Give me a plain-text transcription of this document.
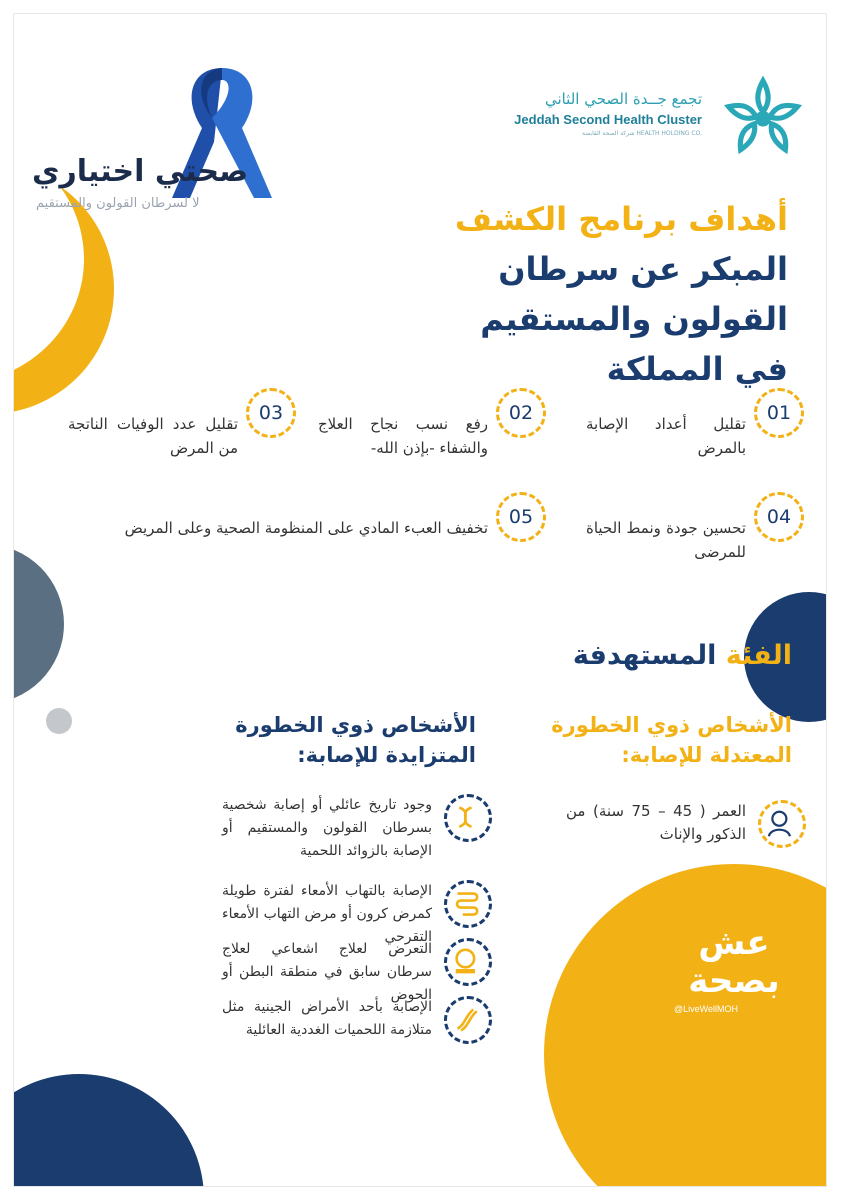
تجمع جــدة الصحي الثاني
Jeddah Second Health Cluster
شركة الصحة القابضة HEALTH HOLDING CO.
صحتي اختياري
لا لسرطان القولون والمستقيم	أهداف برنامج الكشف
المبكر عن سرطان
القولون والمستقيم
في المملكة
01
تقليل أعداد الإصابة بالمرض
02
رفع نسب نجاح العلاج والشفاء -بإذن الله-
03
تقليل عدد الوفيات الناتجة من المرض
04
تحسين جودة ونمط الحياة للمرضى
05
تخفيف العبء المادي على المنظومة الصحية وعلى المريض
الفئة المستهدفة
الأشخاص ذوي الخطورة المعتدلة للإصابة:
الأشخاص ذوي الخطورة المتزايدة للإصابة:
العمر ( 45 – 75 سنة) من الذكور والإناث
وجود تاريخ عائلي أو إصابة شخصية بسرطان القولون والمستقيم أو الإصابة بالزوائد اللحمية
الإصابة بالتهاب الأمعاء لفترة طويلة كمرض كرون أو مرض التهاب الأمعاء التقرحي
التعرض لعلاج اشعاعي لعلاج سرطان سابق في منطقة البطن أو الحوض
الإصابة بأحد الأمراض الجينية مثل متلازمة اللحميات الغددية العائلية
عش
بصحة
@LiveWellMOH
